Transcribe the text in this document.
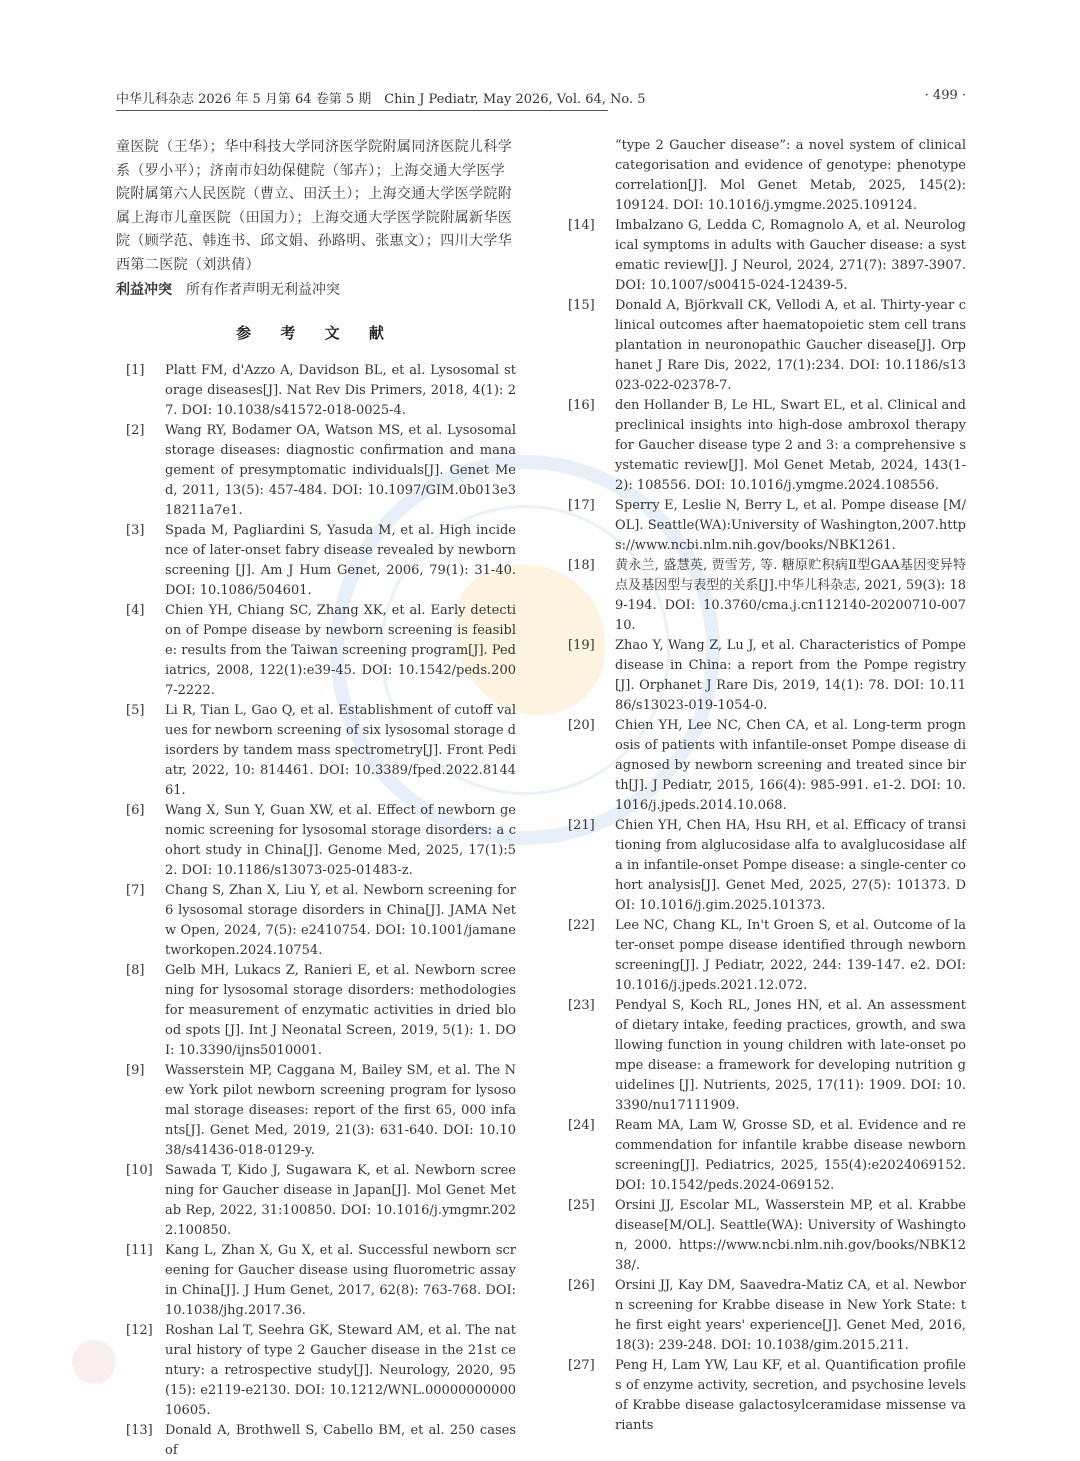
中华儿科杂志 2026 年 5 月第 64 卷第 5 期　Chin J Pediatr, May 2026, Vol. 64, No. 5	· 499 ·

童医院（王华）；华中科技大学同济医学院附属同济医院儿科学系（罗小平）；济南市妇幼保健院（邹卉）；上海交通大学医学院附属第六人民医院（曹立、田沃土）；上海交通大学医学院附属上海市儿童医院（田国力）；上海交通大学医学院附属新华医院（顾学范、韩连书、邱文娟、孙路明、张惠文）；四川大学华西第二医院（刘洪倩）

利益冲突 所有作者声明无利益冲突

参 考 文 献
[1]	Platt FM, d'Azzo A, Davidson BL, et al. Lysosomal storage diseases[J]. Nat Rev Dis Primers, 2018, 4(1): 27. DOI: 10.1038/s41572-018-0025-4.
[2]	Wang RY, Bodamer OA, Watson MS, et al. Lysosomal storage diseases: diagnostic confirmation and management of presymptomatic individuals[J]. Genet Med, 2011, 13(5): 457-484. DOI: 10.1097/GIM.0b013e318211a7e1.
[3]	Spada M, Pagliardini S, Yasuda M, et al. High incidence of later-onset fabry disease revealed by newborn screening [J]. Am J Hum Genet, 2006, 79(1): 31-40. DOI: 10.1086/504601.
[4]	Chien YH, Chiang SC, Zhang XK, et al. Early detection of Pompe disease by newborn screening is feasible: results from the Taiwan screening program[J]. Pediatrics, 2008, 122(1):e39-45. DOI: 10.1542/peds.2007-2222.
[5]	Li R, Tian L, Gao Q, et al. Establishment of cutoff values for newborn screening of six lysosomal storage disorders by tandem mass spectrometry[J]. Front Pediatr, 2022, 10: 814461. DOI: 10.3389/fped.2022.814461.
[6]	Wang X, Sun Y, Guan XW, et al. Effect of newborn genomic screening for lysosomal storage disorders: a cohort study in China[J]. Genome Med, 2025, 17(1):52. DOI: 10.1186/s13073-025-01483-z.
[7]	Chang S, Zhan X, Liu Y, et al. Newborn screening for 6 lysosomal storage disorders in China[J]. JAMA Netw Open, 2024, 7(5): e2410754. DOI: 10.1001/jamanetworkopen.2024.10754.
[8]	Gelb MH, Lukacs Z, Ranieri E, et al. Newborn screening for lysosomal storage disorders: methodologies for measurement of enzymatic activities in dried blood spots [J]. Int J Neonatal Screen, 2019, 5(1): 1. DOI: 10.3390/ijns5010001.
[9]	Wasserstein MP, Caggana M, Bailey SM, et al. The New York pilot newborn screening program for lysosomal storage diseases: report of the first 65, 000 infants[J]. Genet Med, 2019, 21(3): 631-640. DOI: 10.1038/s41436-018-0129-y.
[10] Sawada T, Kido J, Sugawara K, et al. Newborn screening for Gaucher disease in Japan[J]. Mol Genet Metab Rep, 2022, 31:100850. DOI: 10.1016/j.ymgmr.2022.100850.
[11] Kang L, Zhan X, Gu X, et al. Successful newborn screening for Gaucher disease using fluorometric assay in China[J]. J Hum Genet, 2017, 62(8): 763-768. DOI: 10.1038/jhg.2017.36.
[12] Roshan Lal T, Seehra GK, Steward AM, et al. The natural history of type 2 Gaucher disease in the 21st century: a retrospective study[J]. Neurology, 2020, 95(15): e2119-e2130. DOI: 10.1212/WNL.0000000000010605.
[13] Donald A, Brothwell S, Cabello BM, et al. 250 cases of

“type 2 Gaucher disease”: a novel system of clinical categorisation and evidence of genotype: phenotype correlation[J]. Mol Genet Metab, 2025, 145(2): 109124. DOI: 10.1016/j.ymgme.2025.109124.

[14]	Imbalzano G, Ledda C, Romagnolo A, et al. Neurological symptoms in adults with Gaucher disease: a systematic review[J]. J Neurol, 2024, 271(7): 3897-3907. DOI: 10.1007/s00415-024-12439-5.
[15]	Donald A, Björkvall CK, Vellodi A, et al. Thirty-year clinical outcomes after haematopoietic stem cell transplantation in neuronopathic Gaucher disease[J]. Orphanet J Rare Dis, 2022, 17(1):234. DOI: 10.1186/s13023-022-02378-7.
[16]	den Hollander B, Le HL, Swart EL, et al. Clinical and preclinical insights into high-dose ambroxol therapy for Gaucher disease type 2 and 3: a comprehensive systematic review[J]. Mol Genet Metab, 2024, 143(1-2): 108556. DOI: 10.1016/j.ymgme.2024.108556.
[17]	Sperry E, Leslie N, Berry L, et al. Pompe disease [M/OL]. Seattle(WA):University of Washington,2007.https://www.ncbi.nlm.nih.gov/books/NBK1261.
[18]	黄永兰, 盛慧英, 贾雪芳, 等. 糖原贮积病Ⅱ型GAA基因变异特点及基因型与表型的关系[J].中华儿科杂志, 2021, 59(3): 189-194. DOI: 10.3760/cma.j.cn112140-20200710-00710.
[19]	Zhao Y, Wang Z, Lu J, et al. Characteristics of Pompe disease in China: a report from the Pompe registry[J]. Orphanet J Rare Dis, 2019, 14(1): 78. DOI: 10.1186/s13023-019-1054-0.
[20]	Chien YH, Lee NC, Chen CA, et al. Long-term prognosis of patients with infantile-onset Pompe disease diagnosed by newborn screening and treated since birth[J]. J Pediatr, 2015, 166(4): 985-991. e1-2. DOI: 10.1016/j.jpeds.2014.10.068.
[21]	Chien YH, Chen HA, Hsu RH, et al. Efficacy of transitioning from alglucosidase alfa to avalglucosidase alfa in infantile-onset Pompe disease: a single-center cohort analysis[J]. Genet Med, 2025, 27(5): 101373. DOI: 10.1016/j.gim.2025.101373.
[22]	Lee NC, Chang KL, In't Groen S, et al. Outcome of later-onset pompe disease identified through newborn screening[J]. J Pediatr, 2022, 244: 139-147. e2. DOI: 10.1016/j.jpeds.2021.12.072.
[23]	Pendyal S, Koch RL, Jones HN, et al. An assessment of dietary intake, feeding practices, growth, and swallowing function in young children with late-onset pompe disease: a framework for developing nutrition guidelines [J]. Nutrients, 2025, 17(11): 1909. DOI: 10.3390/nu17111909.
[24]	Ream MA, Lam W, Grosse SD, et al. Evidence and recommendation for infantile krabbe disease newborn screening[J]. Pediatrics, 2025, 155(4):e2024069152. DOI: 10.1542/peds.2024-069152.
[25]	Orsini JJ, Escolar ML, Wasserstein MP, et al. Krabbe disease[M/OL]. Seattle(WA): University of Washington, 2000. https://www.ncbi.nlm.nih.gov/books/NBK1238/.
[26]	Orsini JJ, Kay DM, Saavedra-Matiz CA, et al. Newborn screening for Krabbe disease in New York State: the first eight years' experience[J]. Genet Med, 2016, 18(3): 239-248. DOI: 10.1038/gim.2015.211.
[27]	Peng H, Lam YW, Lau KF, et al. Quantification profiles of enzyme activity, secretion, and psychosine levels of Krabbe disease galactosylceramidase missense variants
